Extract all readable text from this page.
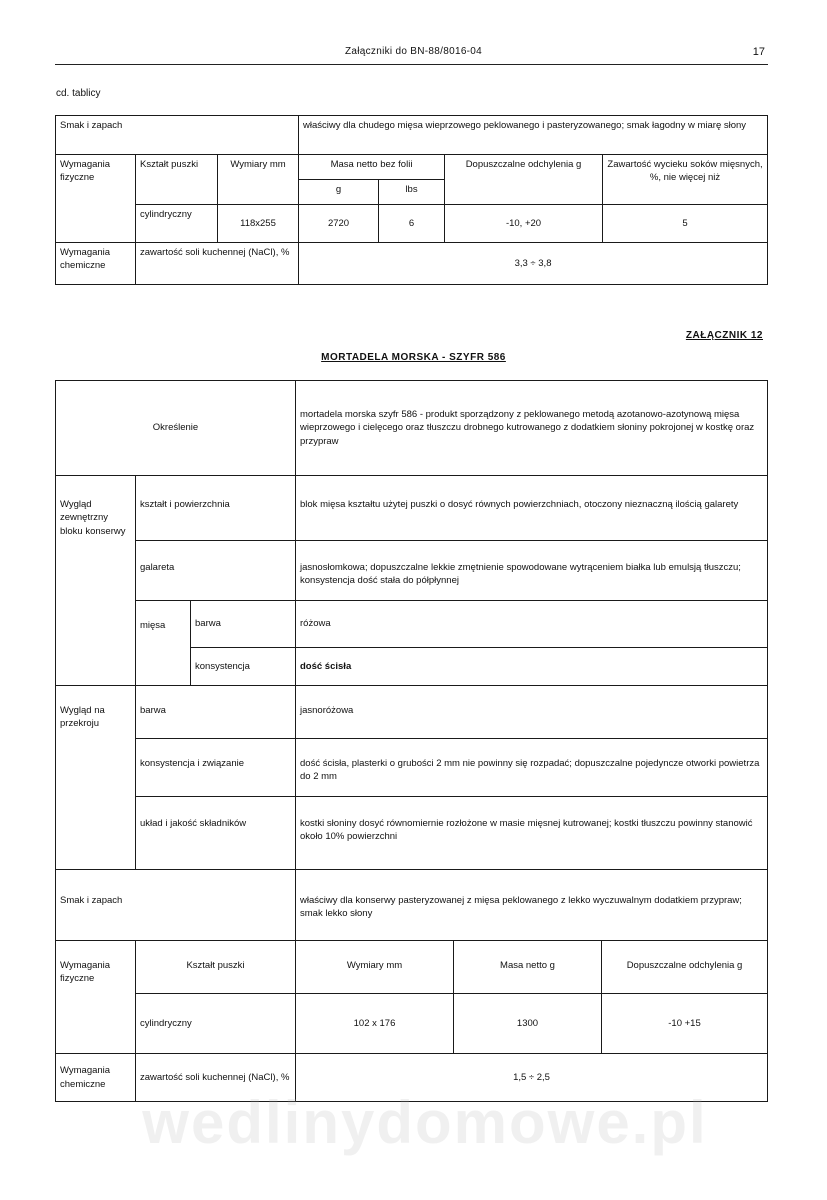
Załączniki do BN-88/8016-04	17
cd. tablicy
Smak i zapach			właściwy dla chudego mięsa wieprzowego peklowanego i pasteryzowanego; smak łagodny w miarę słony			
Wymagania fizyczne	Kształt puszki	Wymiary mm	Masa netto bez folii		Dopuszczalne odchylenia g	Zawartość wycieku soków mięsnych, %, nie więcej niż
			g	lbs		
	cylindryczny	118x255	2720	6	-10, +20	5
Wymagania chemiczne	zawartość soli kuchennej (NaCl), %		3,3 ÷ 3,8			
ZAŁĄCZNIK 12
MORTADELA MORSKA - SZYFR 586
Określenie			mortadela morska szyfr 586 - produkt sporządzony z peklowanego metodą azotanowo-azotynową mięsa wieprzowego i cielęcego oraz tłuszczu drobnego kutrowanego z dodatkiem słoniny pokrojonej w kostkę oraz przypraw		
Wygląd zewnętrzny bloku konserwy	kształt i powierzchnia		blok mięsa kształtu użytej puszki o dosyć równych powierzchniach, otoczony nieznaczną ilością galarety		
	galareta		jasnosłomkowa; dopuszczalne lekkie zmętnienie spowodowane wytrąceniem białka lub emulsją tłuszczu; konsystencja dość stała do półpłynnej		
	mięsa	barwa	różowa		
		konsystencja	dość ścisła		
Wygląd na przekroju	barwa		jasnoróżowa		
	konsystencja i związanie		dość ścisła, plasterki o grubości 2 mm nie powinny się rozpadać; dopuszczalne pojedyncze otworki powietrza do 2 mm		
	układ i jakość składników		kostki słoniny dosyć równomiernie rozłożone w masie mięsnej kutrowanej; kostki tłuszczu powinny stanowić około 10% powierzchni		
Smak i zapach			właściwy dla konserwy pasteryzowanej z mięsa peklowanego z lekko wyczuwalnym dodatkiem przypraw; smak lekko słony		
Wymagania fizyczne	Kształt puszki		Wymiary mm	Masa netto g	Dopuszczalne odchylenia g
	cylindryczny		102 x 176	1300	-10 +15
Wymagania chemiczne	zawartość soli kuchennej (NaCl), %		1,5 ÷ 2,5		
wedlinydomowe.pl
